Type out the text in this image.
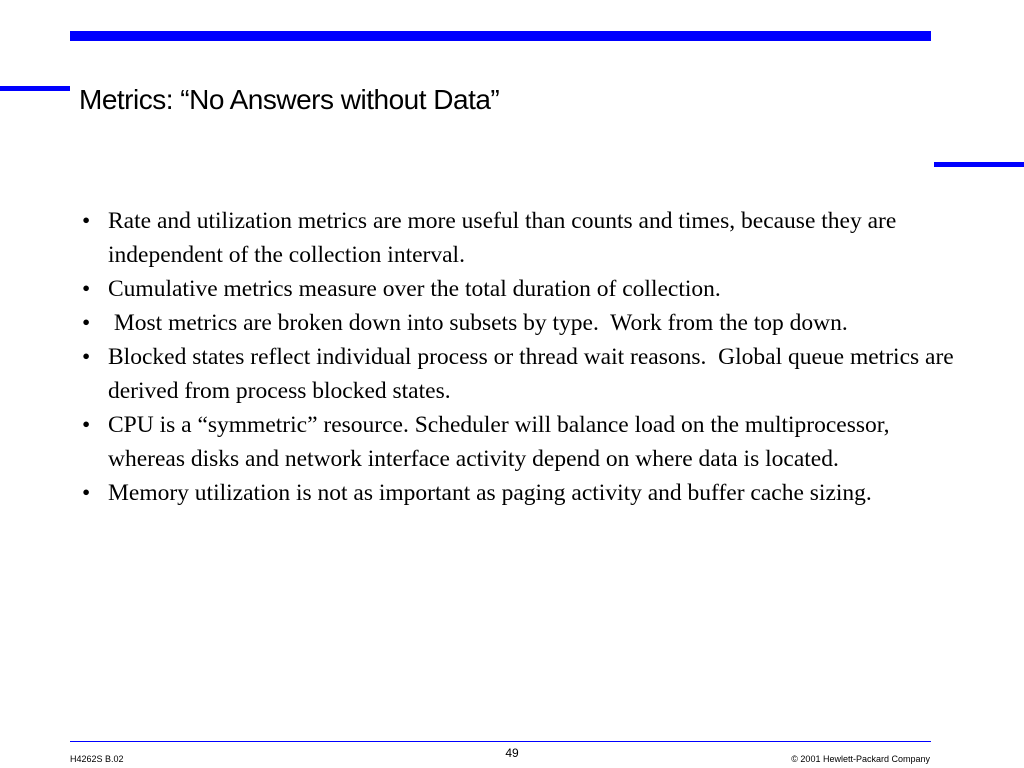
Metrics: “No Answers without Data”
• Rate and utilization metrics are more useful than counts and times, because they are independent of the collection interval.
• Cumulative metrics measure over the total duration of collection.
• Most metrics are broken down into subsets by type.  Work from the top down.
• Blocked states reflect individual process or thread wait reasons.  Global queue metrics are derived from process blocked states.
• CPU is a “symmetric” resource. Scheduler will balance load on the multiprocessor, whereas disks and network interface activity depend on where data is located.
• Memory utilization is not as important as paging activity and buffer cache sizing.
H4262S B.02	49	© 2001 Hewlett-Packard Company
